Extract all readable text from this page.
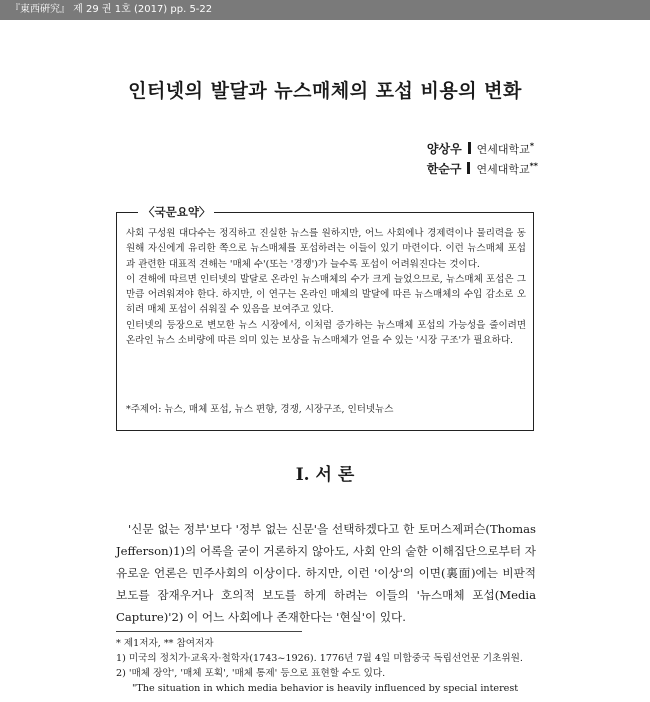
『東西硏究』 제 29 권 1호 (2017) pp. 5-22
인터넷의 발달과 뉴스매체의 포섭 비용의 변화
양상우 연세대학교*
한순구 연세대학교**
〈국문요약〉

사회 구성원 대다수는 정직하고 진실한 뉴스를 원하지만, 어느 사회에나 경제력이나 물리력을 동원해 자신에게 유리한 쪽으로 뉴스매체를 포섭하려는 이들이 있기 마련이다. 이런 뉴스매체 포섭과 관련한 대표적 견해는 '매체 수'(또는 '경쟁')가 늘수록 포섭이 어려워진다는 것이다.

이 견해에 따르면 인터넷의 발달로 온라인 뉴스매체의 수가 크게 늘었으므로, 뉴스매체 포섭은 그만큼 어려워져야 한다. 하지만, 이 연구는 온라인 매체의 발달에 따른 뉴스매체의 수입 감소로 오히려 매체 포섭이 쉬워질 수 있음을 보여주고 있다.

인터넷의 등장으로 변모한 뉴스 시장에서, 이처럼 증가하는 뉴스매체 포섭의 가능성을 줄이려면 온라인 뉴스 소비량에 따른 의미 있는 보상을 뉴스매체가 얻을 수 있는 '시장 구조'가 필요하다.

*주제어: 뉴스, 매체 포섭, 뉴스 편향, 경쟁, 시장구조, 인터넷뉴스
Ⅰ. 서 론

'신문 없는 정부'보다 '정부 없는 신문'을 선택하겠다고 한 토머스제퍼슨(Thomas Jefferson)1)의 어록을 굳이 거론하지 않아도, 사회 안의 숱한 이해집단으로부터 자유로운 언론은 민주사회의 이상이다. 하지만, 이런 '이상'의 이면(裏面)에는 비판적 보도를 잠재우거나 호의적 보도를 하게 하려는 이들의 '뉴스매체 포섭(Media Capture)'2) 이 어느 사회에나 존재한다는 '현실'이 있다.

* 제1저자, ** 참여저자
1) 미국의 정치가·교육자·철학자(1743~1926). 1776년 7월 4일 미합중국 독립선언문 기초위원.
2) '매체 장악', '매체 포획', '매체 통제' 등으로 표현할 수도 있다.
"The situation in which media behavior is heavily influenced by special interest
